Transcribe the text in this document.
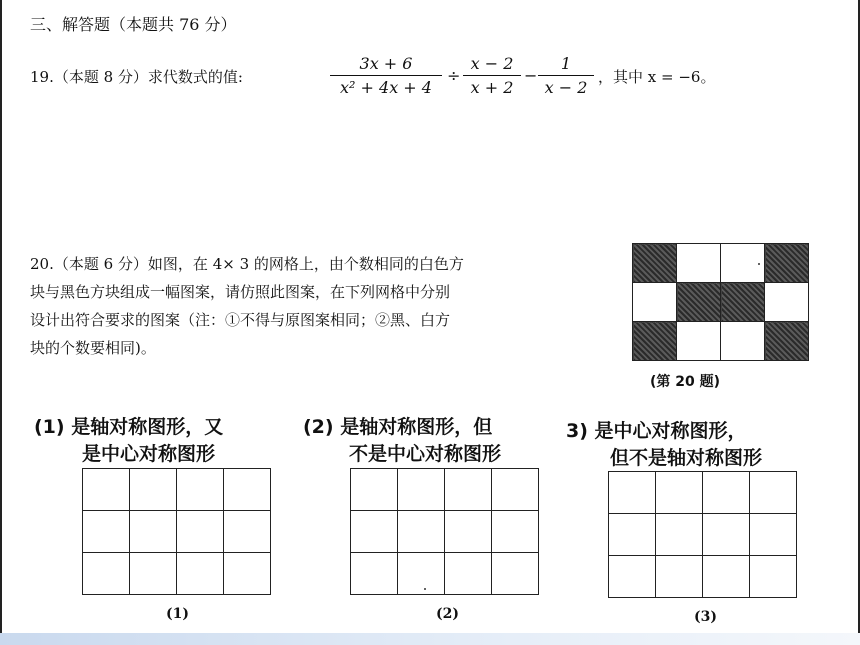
三、解答题（本题共 76 分）
19.（本题 8 分）求代数式的值:	$\frac{3x + 6}{\text{x² + 4x + 4}} \div \frac{x - 2}{x + 2} - \frac{1}{x - 2}$ ，其中 x = −6。
20.（本题 6 分）如图，在 4× 3 的网格上，由个数相同的白色方
块与黑色方块组成一幅图案，请仿照此图案，在下列网格中分别
设计出符合要求的图案（注：①不得与原图案相同；②黑、白方
块的个数要相同)。

(第 20 题)
(1) 是轴对称图形，又
是中心对称图形

(1)
(2) 是轴对称图形，但
不是中心对称图形

(2)
3) 是中心对称图形，
但不是轴对称图形

(3)
